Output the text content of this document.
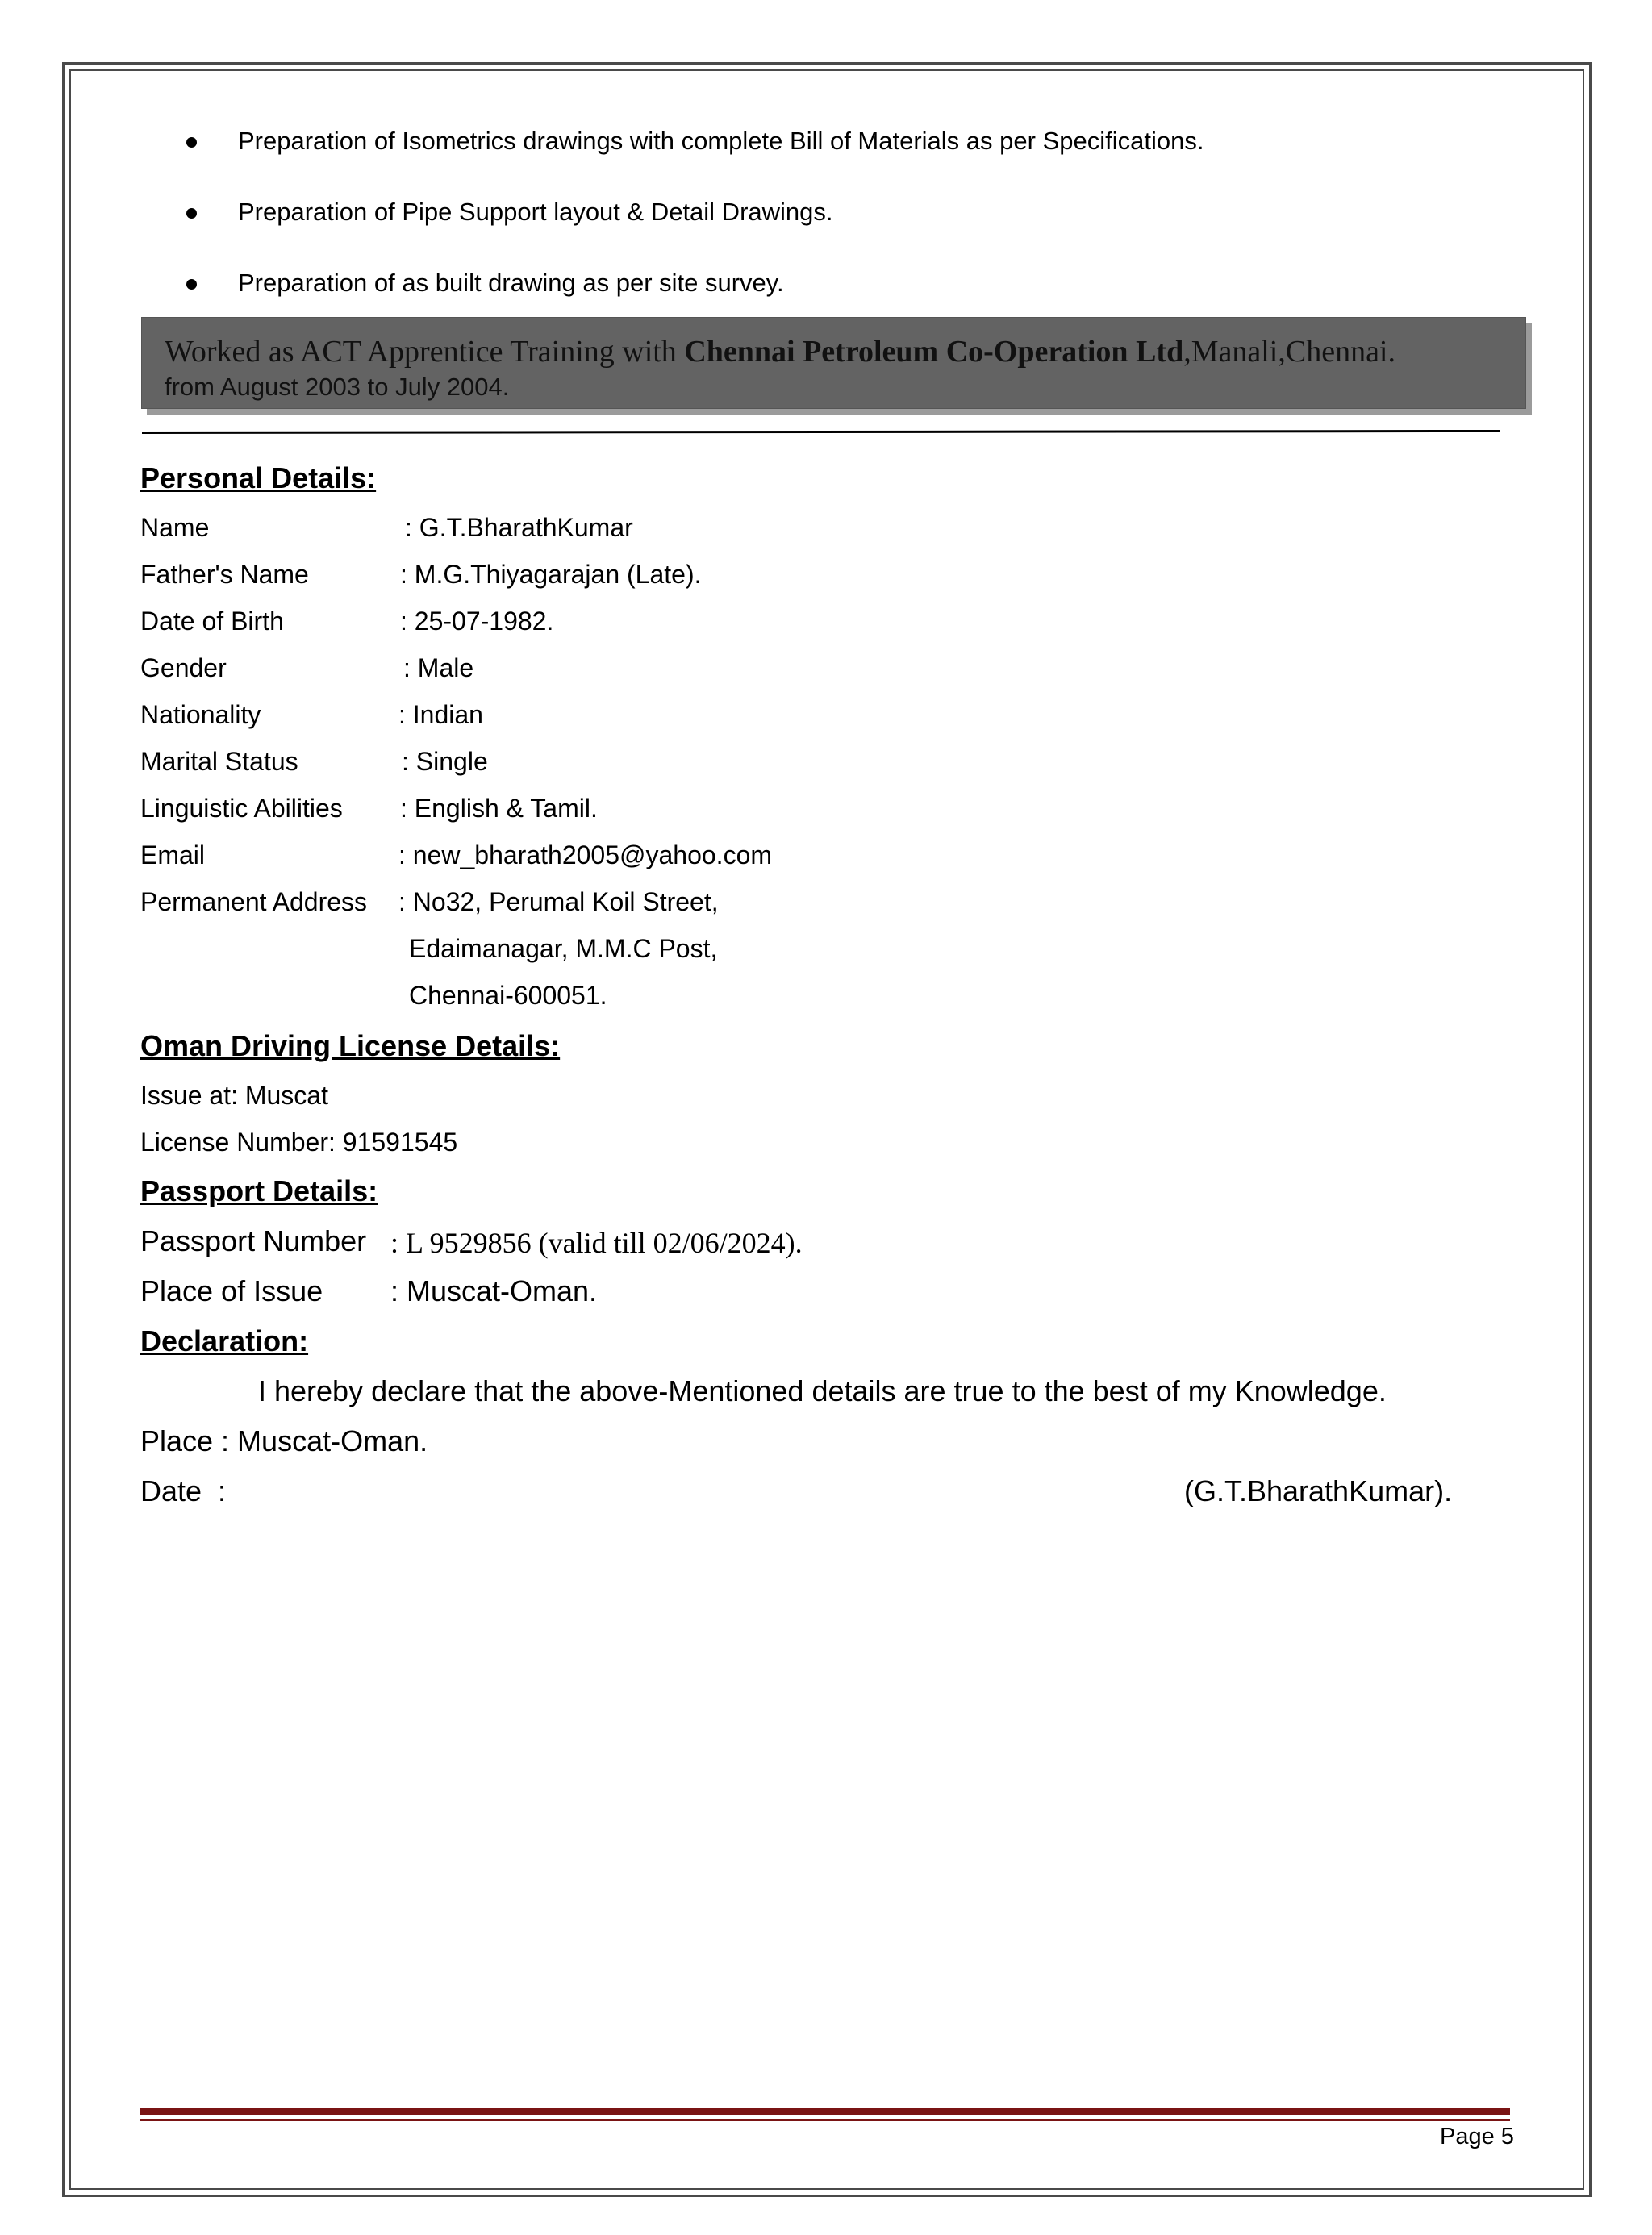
Preparation of Isometrics drawings with complete Bill of Materials as per Specifications.
Preparation of Pipe Support layout & Detail Drawings.
Preparation of as built drawing as per site survey.
Worked as ACT Apprentice Training with Chennai Petroleum Co-Operation Ltd,Manali,Chennai.
from August 2003 to July 2004.
Personal Details:
Name	: G.T.BharathKumar
Father's Name	: M.G.Thiyagarajan (Late).
Date of Birth	: 25-07-1982.
Gender	: Male
Nationality	: Indian
Marital Status	: Single
Linguistic Abilities : English & Tamil.
Email	: new_bharath2005@yahoo.com
Permanent Address : No32, Perumal Koil Street,
Edaimanagar, M.M.C Post,
Chennai-600051.
Oman Driving License Details:
Issue at: Muscat
License Number: 91591545
Passport Details:
Passport Number : L 9529856 (valid till 02/06/2024).
Place of Issue : Muscat-Oman.
Declaration:
I hereby declare that the above-Mentioned details are true to the best of my Knowledge.
Place : Muscat-Oman.
Date  :	(G.T.BharathKumar).
Page 5
